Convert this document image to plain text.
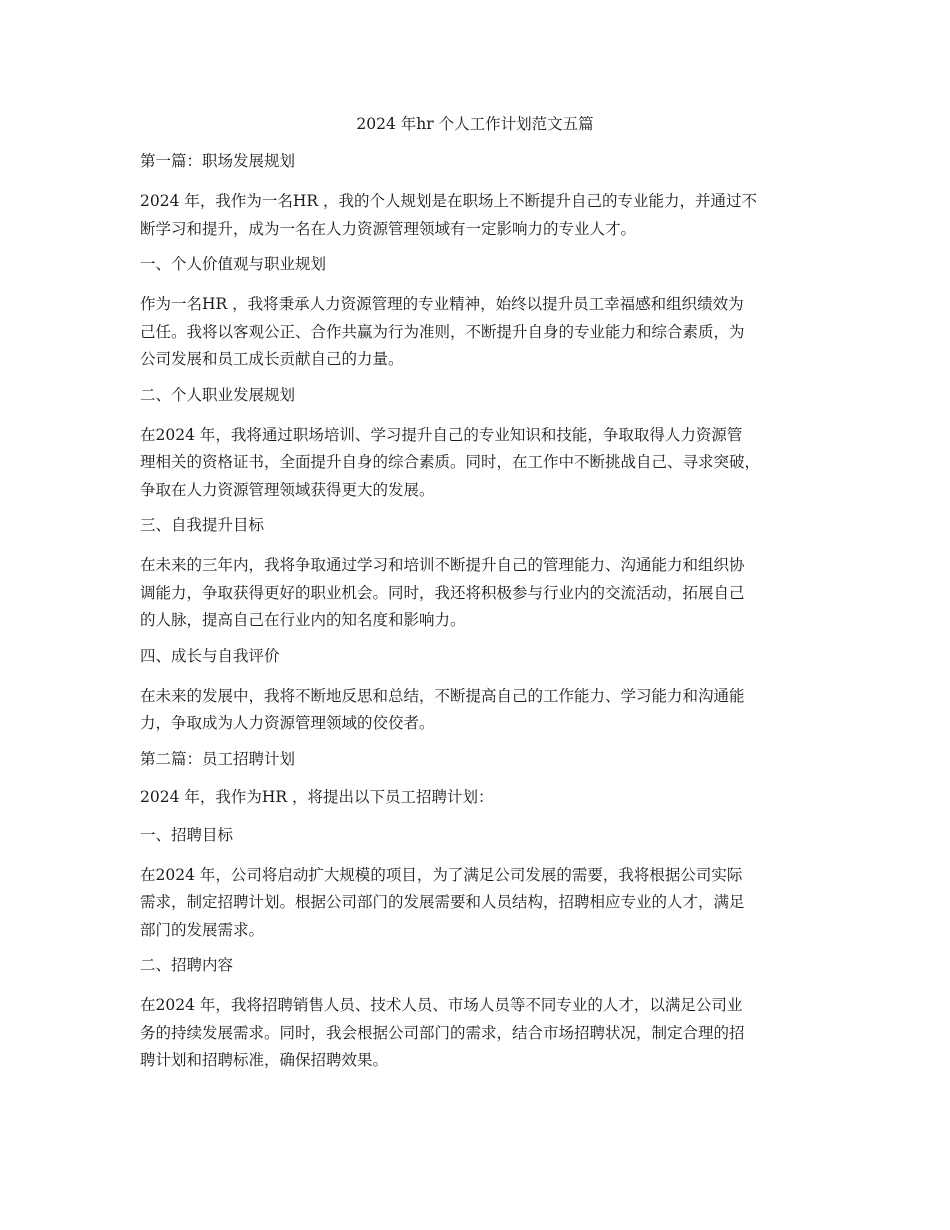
2024 年hr 个人工作计划范文五篇
第一篇：职场发展规划
2024 年，我作为一名HR ，我的个人规划是在职场上不断提升自己的专业能力，并通过不
断学习和提升，成为一名在人力资源管理领域有一定影响力的专业人才。
一、个人价值观与职业规划
作为一名HR ，我将秉承人力资源管理的专业精神，始终以提升员工幸福感和组织绩效为
己任。我将以客观公正、合作共赢为行为准则，不断提升自身的专业能力和综合素质，为
公司发展和员工成长贡献自己的力量。
二、个人职业发展规划
在2024 年，我将通过职场培训、学习提升自己的专业知识和技能，争取取得人力资源管
理相关的资格证书，全面提升自身的综合素质。同时，在工作中不断挑战自己、寻求突破，
争取在人力资源管理领域获得更大的发展。
三、自我提升目标
在未来的三年内，我将争取通过学习和培训不断提升自己的管理能力、沟通能力和组织协
调能力，争取获得更好的职业机会。同时，我还将积极参与行业内的交流活动，拓展自己
的人脉，提高自己在行业内的知名度和影响力。
四、成长与自我评价
在未来的发展中，我将不断地反思和总结，不断提高自己的工作能力、学习能力和沟通能
力，争取成为人力资源管理领域的佼佼者。
第二篇：员工招聘计划
2024 年，我作为HR ，将提出以下员工招聘计划：
一、招聘目标
在2024 年，公司将启动扩大规模的项目，为了满足公司发展的需要，我将根据公司实际
需求，制定招聘计划。根据公司部门的发展需要和人员结构，招聘相应专业的人才，满足
部门的发展需求。
二、招聘内容
在2024 年，我将招聘销售人员、技术人员、市场人员等不同专业的人才，以满足公司业
务的持续发展需求。同时，我会根据公司部门的需求，结合市场招聘状况，制定合理的招
聘计划和招聘标准，确保招聘效果。
